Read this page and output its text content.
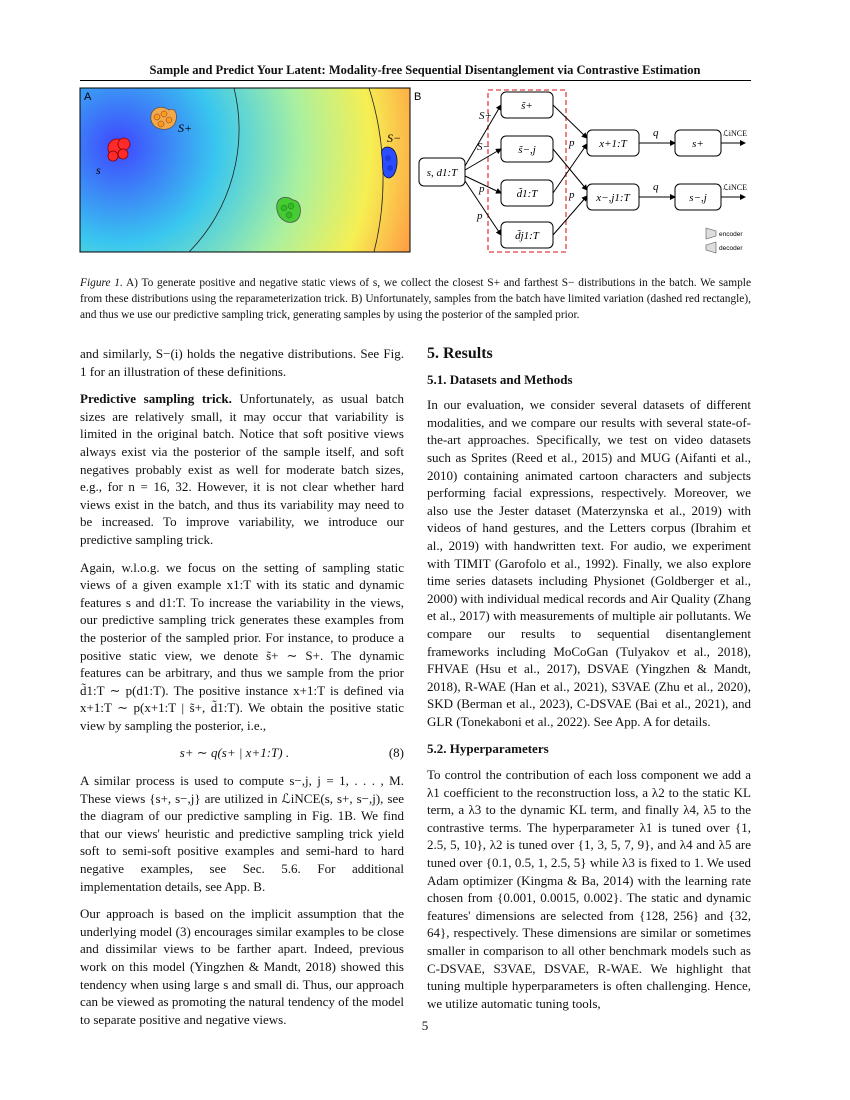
Sample and Predict Your Latent: Modality-free Sequential Disentanglement via Contrastive Estimation
A
s
S+
S−
B
s, d1:T
s̃+
s̃−,j
d̃1:T
d̃j1:T
S+
S−
p
p
p
p
x+1:T
x−,j1:T
q
q
s+
s−,j
ℒiNCE
ℒiNCE
encoder
decoder
Figure 1. A) To generate positive and negative static views of s, we collect the closest S+ and farthest S− distributions in the batch. We sample from these distributions using the reparameterization trick. B) Unfortunately, samples from the batch have limited variation (dashed red rectangle), and thus we use our predictive sampling trick, generating samples by using the posterior of the sampled prior.

and similarly, S−(i) holds the negative distributions. See Fig. 1 for an illustration of these definitions.

Predictive sampling trick. Unfortunately, as usual batch sizes are relatively small, it may occur that variability is limited in the original batch. Notice that soft positive views always exist via the posterior of the sample itself, and soft negatives probably exist as well for moderate batch sizes, e.g., for n = 16, 32. However, it is not clear whether hard views exist in the batch, and thus its variability may need to be increased. To improve variability, we introduce our predictive sampling trick.

Again, w.l.o.g. we focus on the setting of sampling static views of a given example x1:T with its static and dynamic features s and d1:T. To increase the variability in the views, our predictive sampling trick generates these examples from the posterior of the sampled prior. For instance, to produce a positive static view, we denote s̃+ ∼ S+. The dynamic features can be arbitrary, and thus we sample from the prior d̃1:T ∼ p(d1:T). The positive instance x+1:T is defined via x+1:T ∼ p(x+1:T | s̃+, d̃1:T). We obtain the positive static view by sampling the posterior, i.e.,

s+ ∼ q(s+ | x+1:T) .	(8)

A similar process is used to compute s−,j, j = 1, . . . , M. These views {s+, s−,j} are utilized in ℒiNCE(s, s+, s−,j), see the diagram of our predictive sampling in Fig. 1B. We find that our views' heuristic and predictive sampling trick yield soft to semi-soft positive examples and semi-hard to hard negative examples, see Sec. 5.6. For additional implementation details, see App. B.

Our approach is based on the implicit assumption that the underlying model (3) encourages similar examples to be close and dissimilar views to be farther apart. Indeed, previous work on this model (Yingzhen & Mandt, 2018) showed this tendency when using large s and small di. Thus, our approach can be viewed as promoting the natural tendency of the model to separate positive and negative views.

5. Results
5.1. Datasets and Methods

In our evaluation, we consider several datasets of different modalities, and we compare our results with several state-of-the-art approaches. Specifically, we test on video datasets such as Sprites (Reed et al., 2015) and MUG (Aifanti et al., 2010) containing animated cartoon characters and subjects performing facial expressions, respectively. Moreover, we also use the Jester dataset (Materzynska et al., 2019) with videos of hand gestures, and the Letters corpus (Ibrahim et al., 2019) with handwritten text. For audio, we experiment with TIMIT (Garofolo et al., 1992). Finally, we also explore time series datasets including Physionet (Goldberger et al., 2000) with individual medical records and Air Quality (Zhang et al., 2017) with measurements of multiple air pollutants. We compare our results to sequential disentanglement frameworks including MoCoGan (Tulyakov et al., 2018), FHVAE (Hsu et al., 2017), DSVAE (Yingzhen & Mandt, 2018), R-WAE (Han et al., 2021), S3VAE (Zhu et al., 2020), SKD (Berman et al., 2023), C-DSVAE (Bai et al., 2021), and GLR (Tonekaboni et al., 2022). See App. A for details.

5.2. Hyperparameters

To control the contribution of each loss component we add a λ1 coefficient to the reconstruction loss, a λ2 to the static KL term, a λ3 to the dynamic KL term, and finally λ4, λ5 to the contrastive terms. The hyperparameter λ1 is tuned over {1, 2.5, 5, 10}, λ2 is tuned over {1, 3, 5, 7, 9}, and λ4 and λ5 are tuned over {0.1, 0.5, 1, 2.5, 5} while λ3 is fixed to 1. We used Adam optimizer (Kingma & Ba, 2014) with the learning rate chosen from {0.001, 0.0015, 0.002}. The static and dynamic features' dimensions are selected from {128, 256} and {32, 64}, respectively. These dimensions are similar or sometimes smaller in comparison to all other benchmark models such as C-DSVAE, S3VAE, DSVAE, R-WAE. We highlight that tuning multiple hyperparameters is often challenging. Hence, we utilize automatic tuning tools,

5
